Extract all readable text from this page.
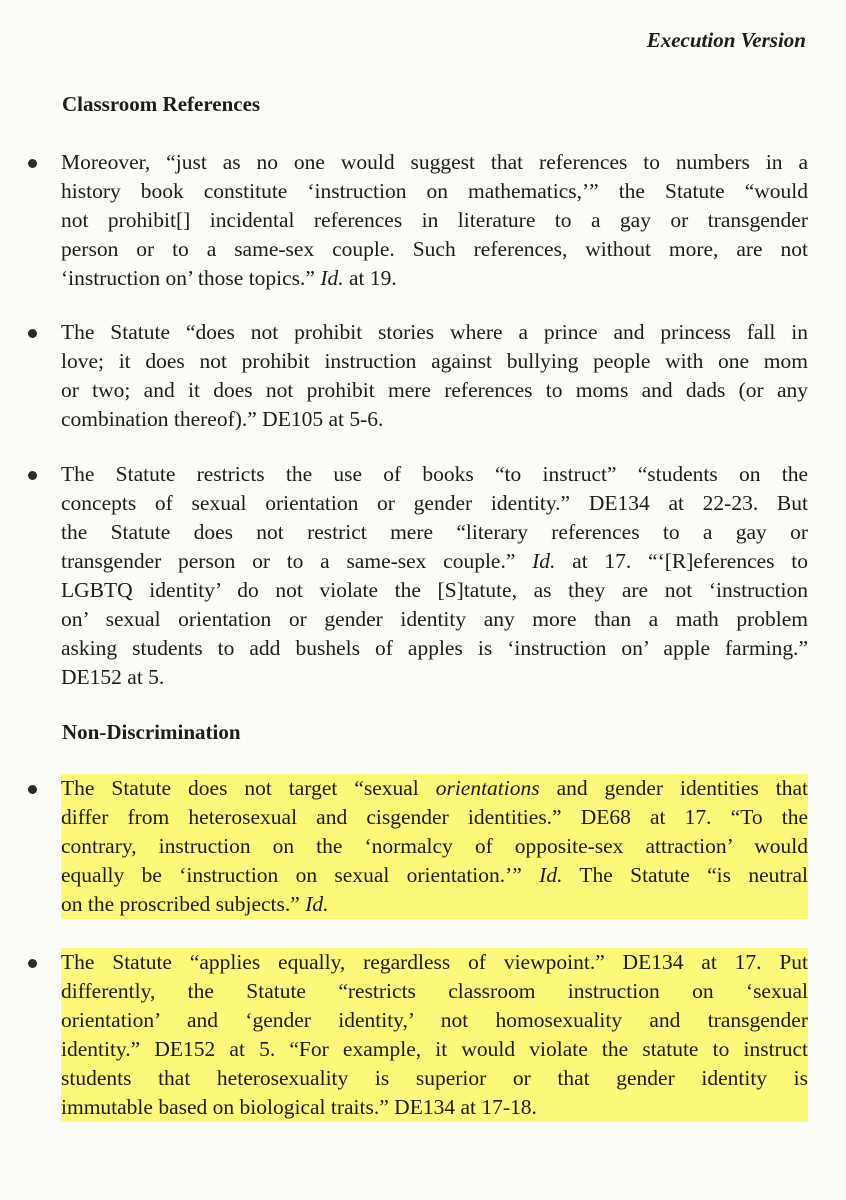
Execution Version
Classroom References
Moreover, “just as no one would suggest that references to numbers in a
history book constitute ‘instruction on mathematics,’” the Statute “would
not prohibit[] incidental references in literature to a gay or transgender
person or to a same-sex couple. Such references, without more, are not
‘instruction on’ those topics.” Id. at 19.
The Statute “does not prohibit stories where a prince and princess fall in
love; it does not prohibit instruction against bullying people with one mom
or two; and it does not prohibit mere references to moms and dads (or any
combination thereof).” DE105 at 5-6.
The Statute restricts the use of books “to instruct” “students on the
concepts of sexual orientation or gender identity.” DE134 at 22-23. But
the Statute does not restrict mere “literary references to a gay or
transgender person or to a same-sex couple.” Id. at 17. “‘[R]eferences to
LGBTQ identity’ do not violate the [S]tatute, as they are not ‘instruction
on’ sexual orientation or gender identity any more than a math problem
asking students to add bushels of apples is ‘instruction on’ apple farming.”
DE152 at 5.
Non-Discrimination
The Statute does not target “sexual orientations and gender identities that
differ from heterosexual and cisgender identities.” DE68 at 17. “To the
contrary, instruction on the ‘normalcy of opposite-sex attraction’ would
equally be ‘instruction on sexual orientation.’” Id. The Statute “is neutral
on the proscribed subjects.” Id.
The Statute “applies equally, regardless of viewpoint.” DE134 at 17. Put
differently, the Statute “restricts classroom instruction on ‘sexual
orientation’ and ‘gender identity,’ not homosexuality and transgender
identity.” DE152 at 5. “For example, it would violate the statute to instruct
students that heterosexuality is superior or that gender identity is
immutable based on biological traits.” DE134 at 17-18.
